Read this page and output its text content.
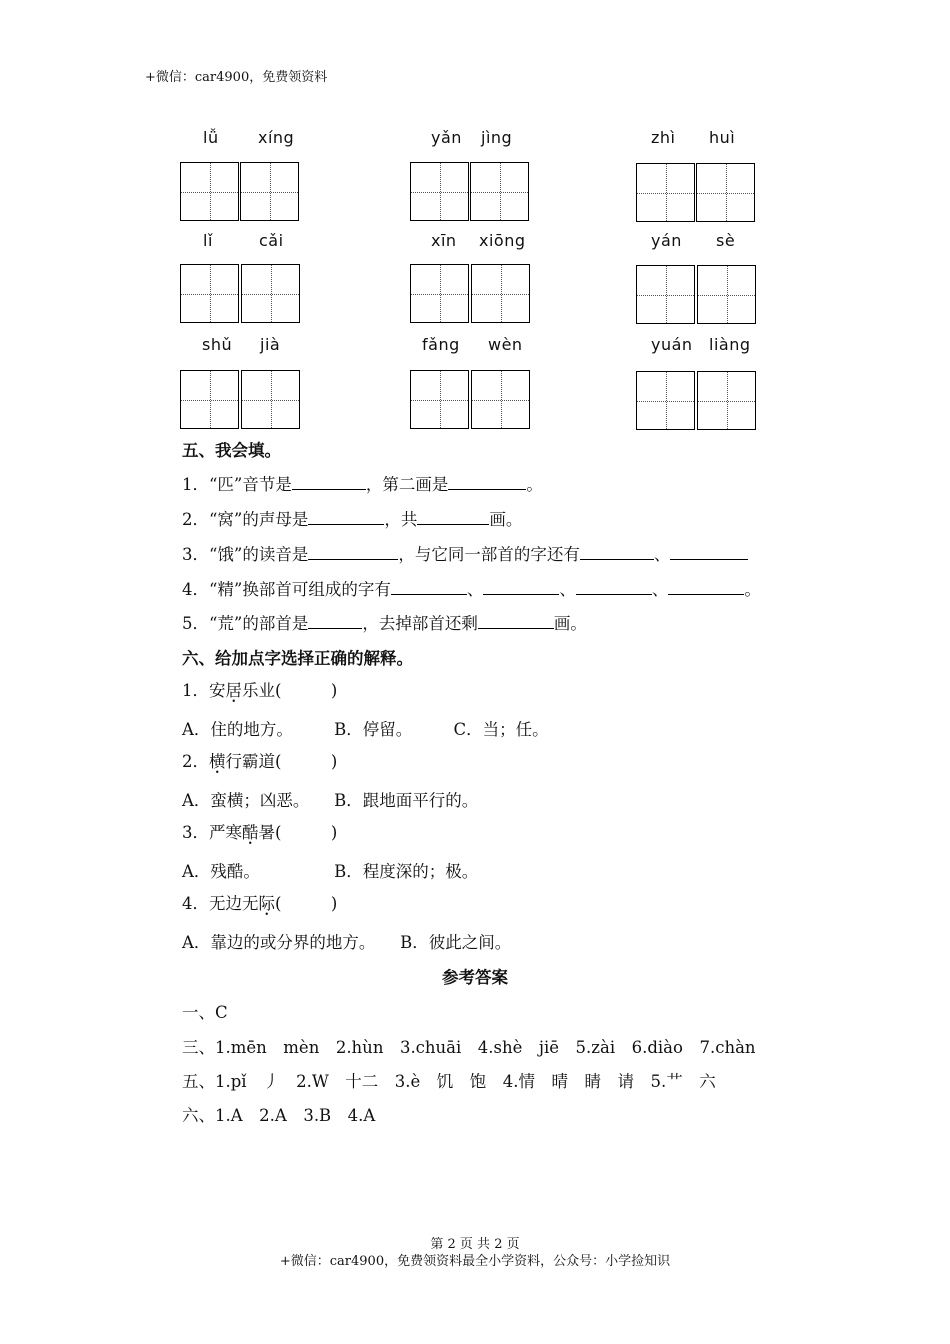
+微信：car4900，免费领资料
lǚ xíng	yǎn jìng	zhì huì
lǐ	cǎi	xīn xiōng	yán sè
shǔ jià	fǎng wèn	yuán liàng
五、我会填。
1．“匹”音节是	，第二画是	。
2．“窝”的声母是	，共	画。
3．“饿”的读音是	，与它同一部首的字还有	、
4．“精”换部首可组成的字有	、	、	、	。
5．“荒”的部首是	，去掉部首还剩	画。
六、给加点字选择正确的解释。
1．安居乐业(　　　)
A．住的地方。　　　B．停留。　　　C．当；任。
2．横行霸道(　　　)
A．蛮横；凶恶。　　B．跟地面平行的。
3．严寒酷暑(　　　)
A．残酷。　　　　　B．程度深的；极。
4．无边无际(　　　)
A．靠边的或分界的地方。　　B．彼此之间。
参考答案
一、C
三、1.mēn　mèn　2.hùn　3.chuāi　4.shè　jiē　5.zài　6.diào　7.chàn
五、1.pǐ　丿　2.W　十二　3.è　饥　饱　4.情　晴　睛　请　5.艹　六
六、1.A　2.A　3.B　4.A
第 2 页 共 2 页
+微信：car4900，免费领资料最全小学资料，公众号：小学捡知识
